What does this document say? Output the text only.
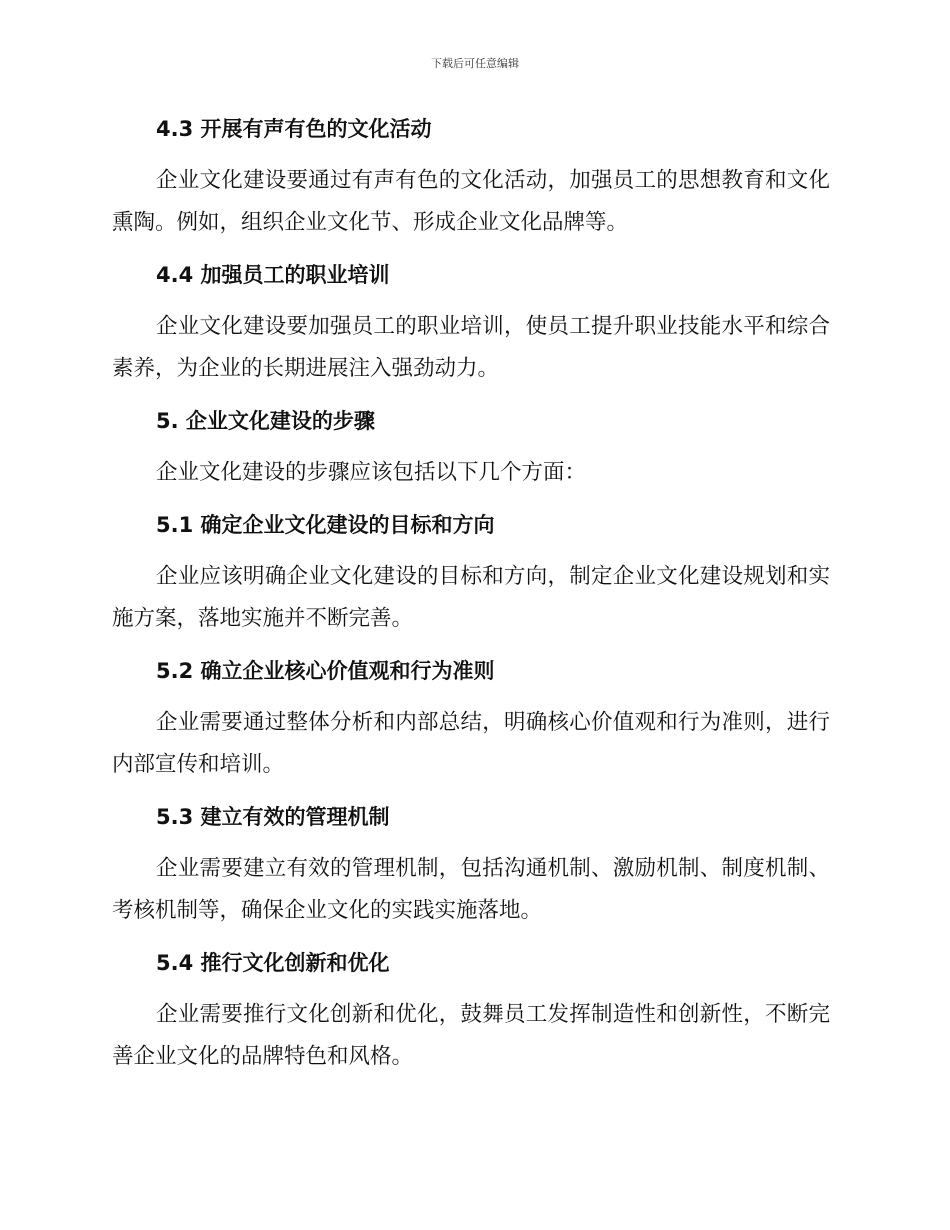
下载后可任意编辑
4.3 开展有声有色的文化活动

企业文化建设要通过有声有色的文化活动，加强员工的思想教育和文化熏陶。例如，组织企业文化节、形成企业文化品牌等。

4.4 加强员工的职业培训

企业文化建设要加强员工的职业培训，使员工提升职业技能水平和综合素养，为企业的长期进展注入强劲动力。

5. 企业文化建设的步骤

企业文化建设的步骤应该包括以下几个方面：

5.1 确定企业文化建设的目标和方向

企业应该明确企业文化建设的目标和方向，制定企业文化建设规划和实施方案，落地实施并不断完善。

5.2 确立企业核心价值观和行为准则

企业需要通过整体分析和内部总结，明确核心价值观和行为准则，进行内部宣传和培训。

5.3 建立有效的管理机制

企业需要建立有效的管理机制，包括沟通机制、激励机制、制度机制、考核机制等，确保企业文化的实践实施落地。

5.4 推行文化创新和优化

企业需要推行文化创新和优化，鼓舞员工发挥制造性和创新性，不断完善企业文化的品牌特色和风格。
